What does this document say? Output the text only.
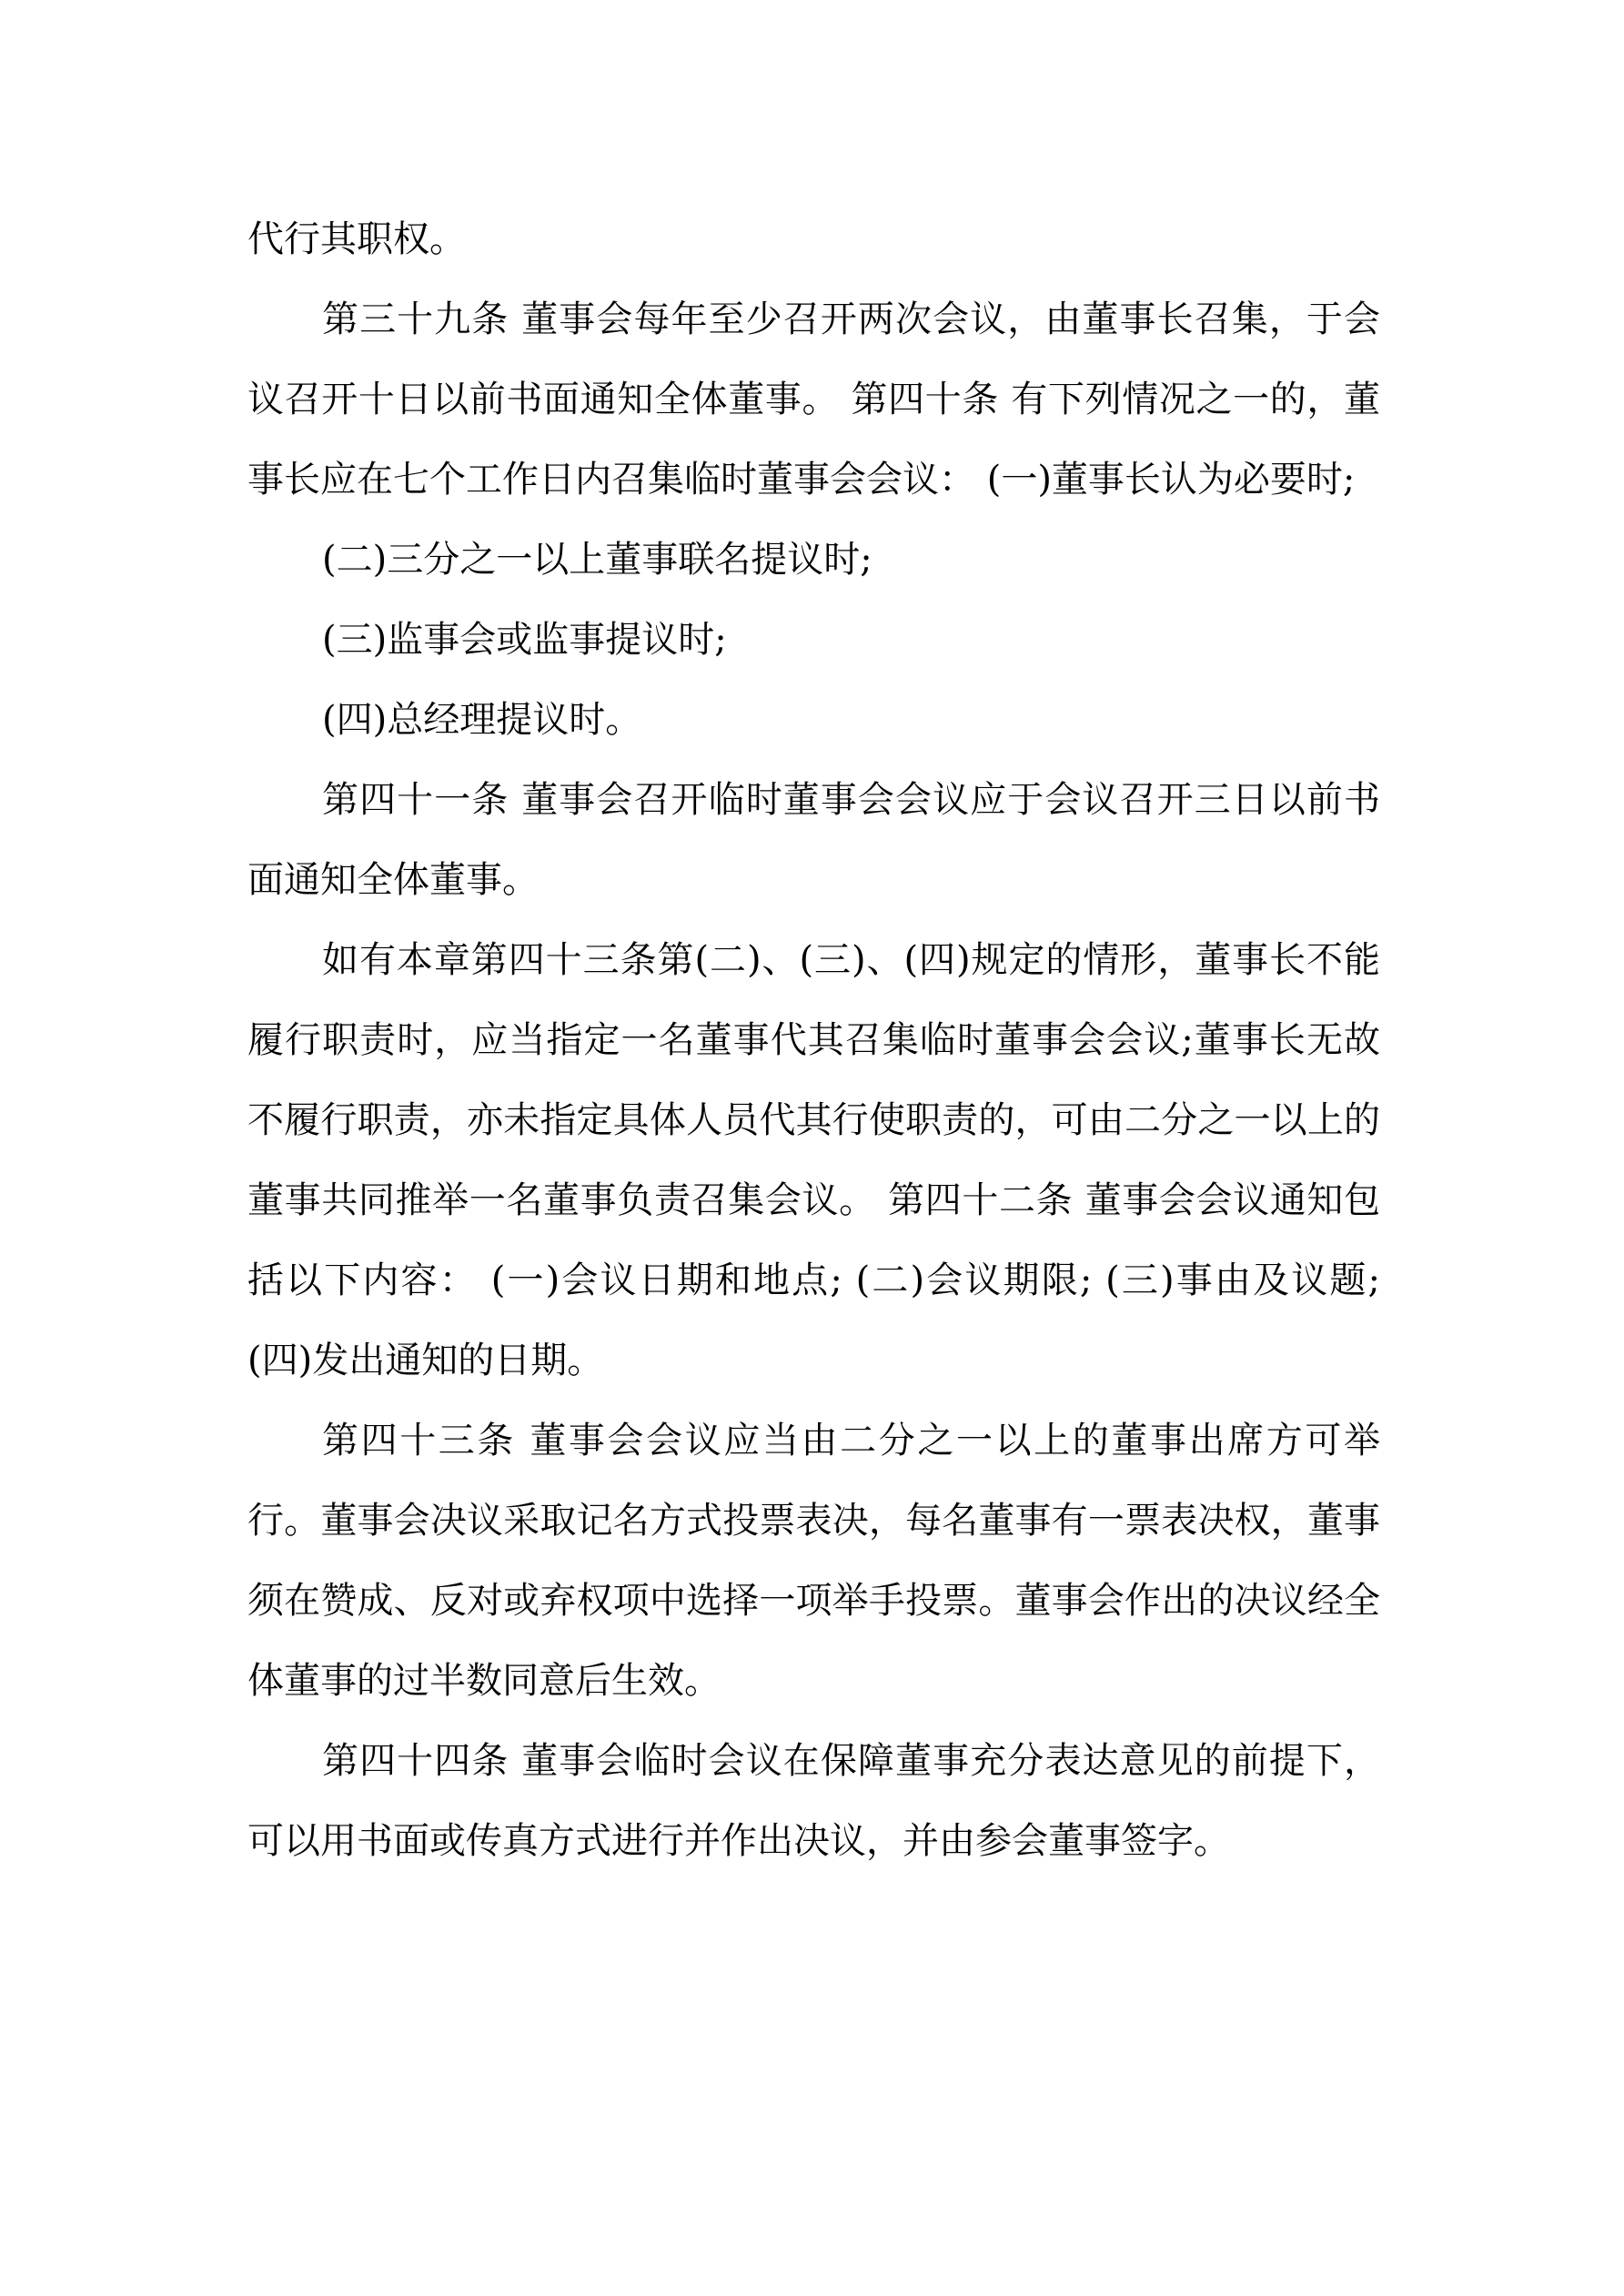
代行其职权。

第三十九条 董事会每年至少召开两次会议，由董事长召集，于会议召开十日以前书面通知全体董事。 第四十条 有下列情况之一的，董事长应在七个工作日内召集临时董事会会议： (一)董事长认为必要时;

(二)三分之一以上董事联名提议时;

(三)监事会或监事提议时;

(四)总经理提议时。

第四十一条 董事会召开临时董事会会议应于会议召开三日以前书面通知全体董事。

如有本章第四十三条第(二)、(三)、(四)规定的情形，董事长不能履行职责时，应当指定一名董事代其召集临时董事会会议;董事长无故不履行职责，亦未指定具体人员代其行使职责的，可由二分之一以上的董事共同推举一名董事负责召集会议。 第四十二条 董事会会议通知包括以下内容： (一)会议日期和地点; (二)会议期限; (三)事由及议题; (四)发出通知的日期。

第四十三条 董事会会议应当由二分之一以上的董事出席方可举行。董事会决议采取记名方式投票表决，每名董事有一票表决权，董事须在赞成、反对或弃权项中选择一项举手投票。董事会作出的决议经全体董事的过半数同意后生效。

第四十四条 董事会临时会议在保障董事充分表达意见的前提下，可以用书面或传真方式进行并作出决议，并由参会董事签字。
